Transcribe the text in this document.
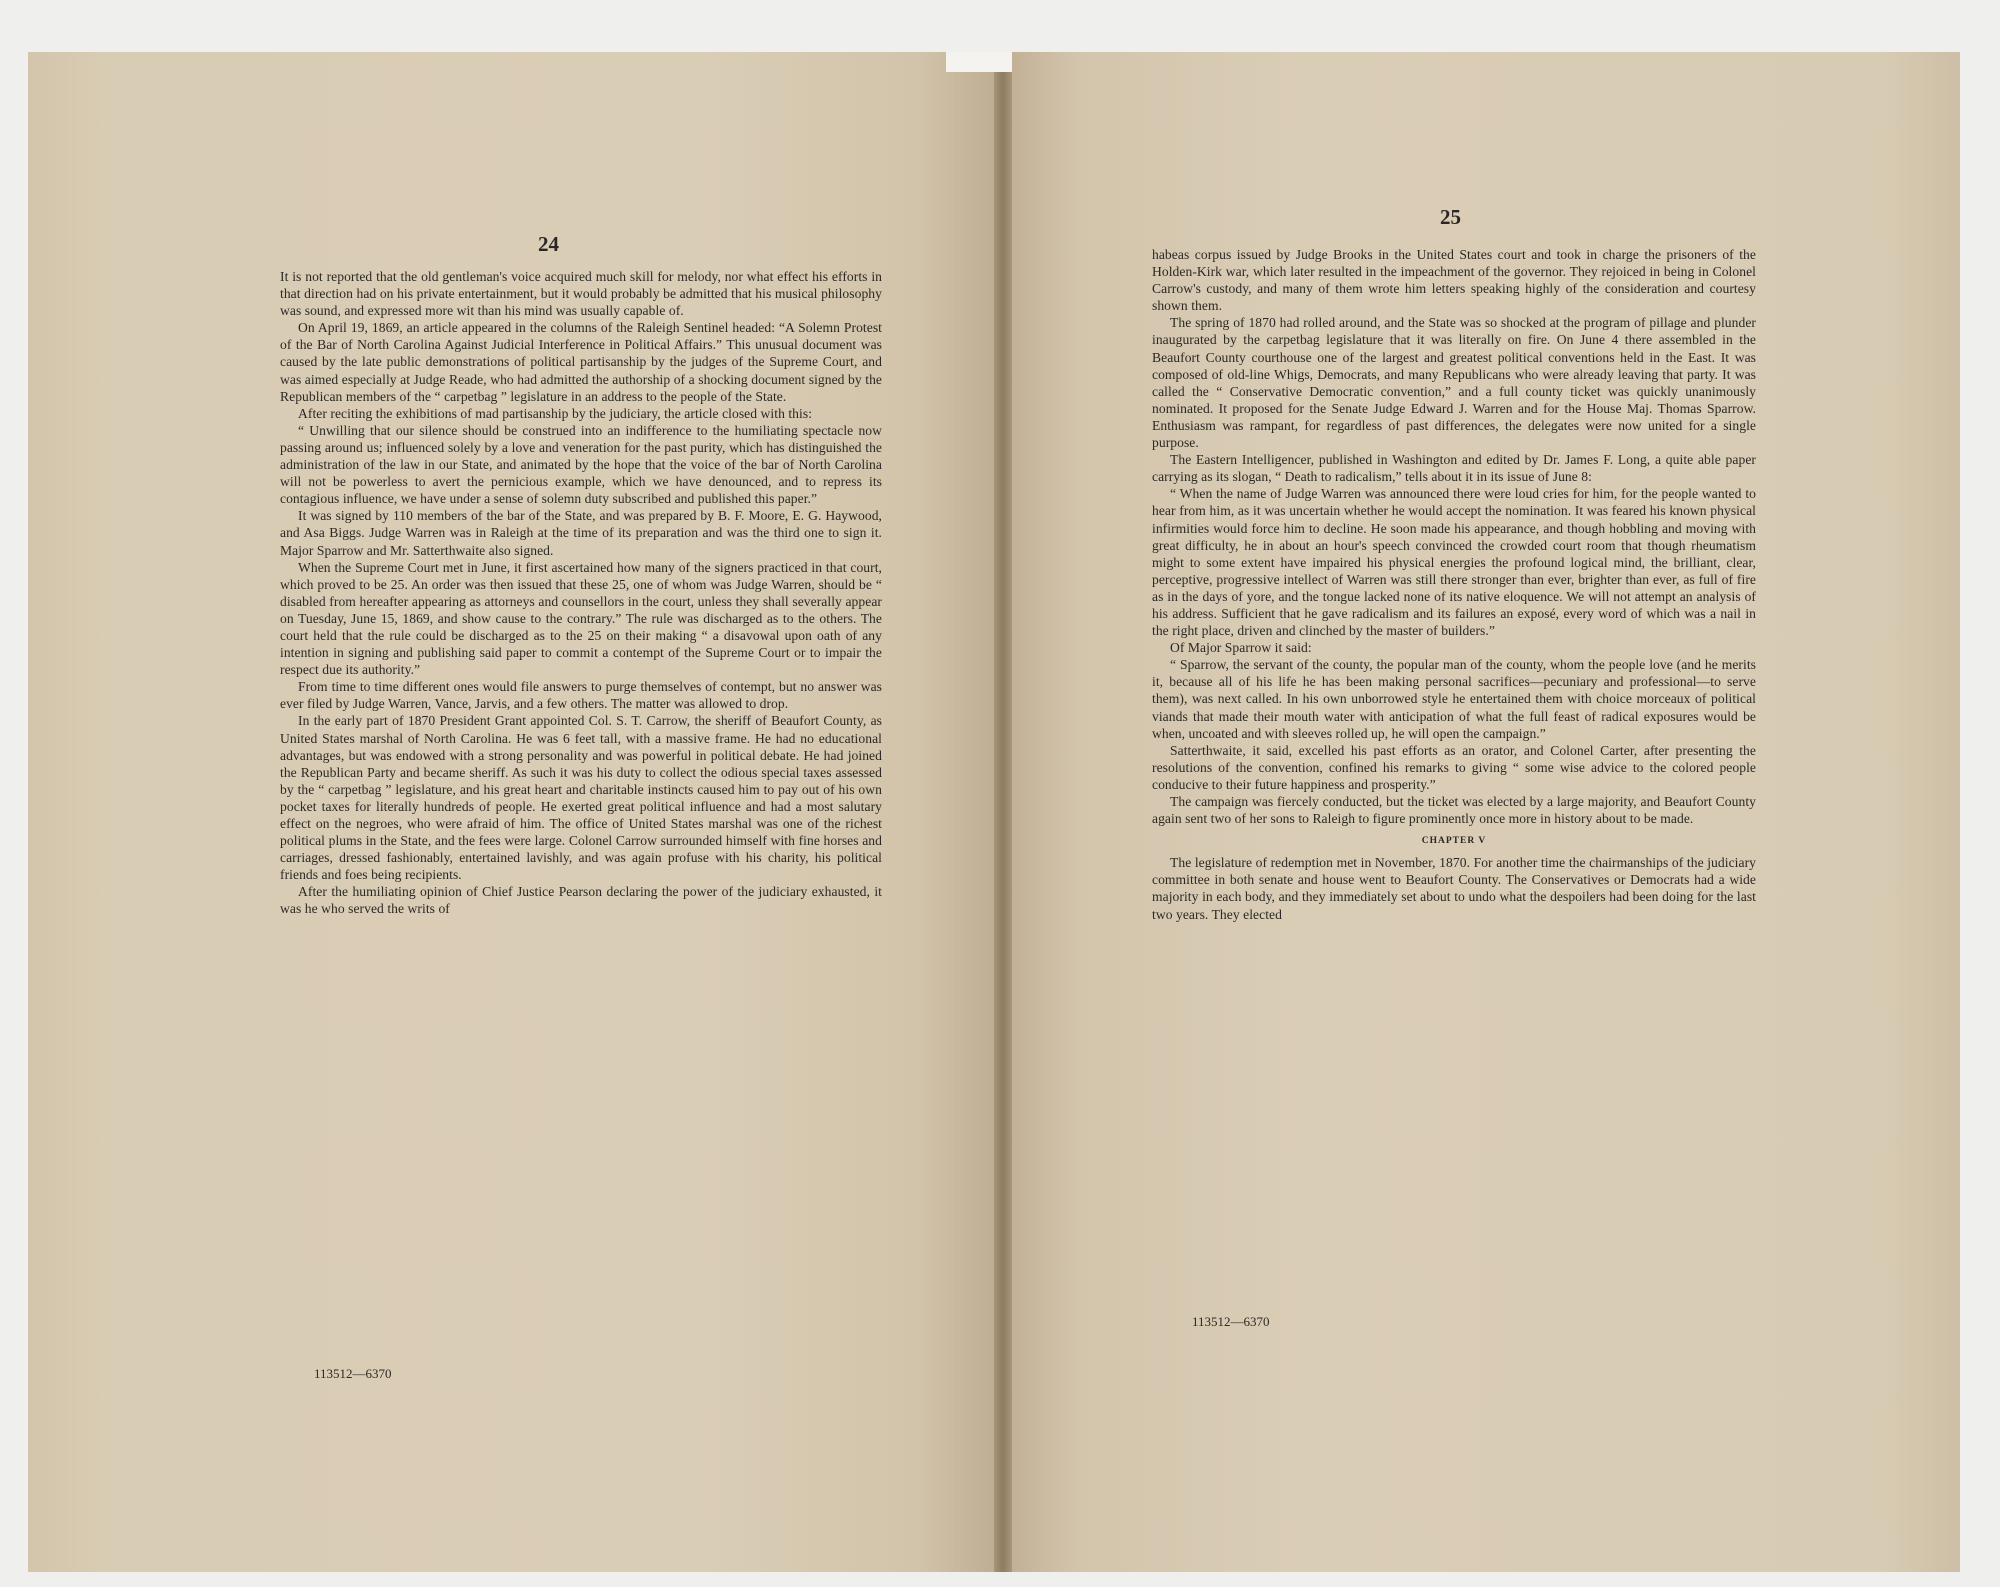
24

It is not reported that the old gentleman's voice acquired much skill for melody, nor what effect his efforts in that direction had on his private entertainment, but it would probably be admitted that his musical philosophy was sound, and expressed more wit than his mind was usually capable of.

On April 19, 1869, an article appeared in the columns of the Raleigh Sentinel headed: “A Solemn Protest of the Bar of North Carolina Against Judicial Interference in Political Affairs.” This unusual document was caused by the late public demonstrations of political partisanship by the judges of the Supreme Court, and was aimed especially at Judge Reade, who had admitted the authorship of a shocking document signed by the Republican members of the “ carpetbag ” legislature in an address to the people of the State.

After reciting the exhibitions of mad partisanship by the judiciary, the article closed with this:

“ Unwilling that our silence should be construed into an indifference to the humiliating spectacle now passing around us; influenced solely by a love and veneration for the past purity, which has distinguished the administration of the law in our State, and animated by the hope that the voice of the bar of North Carolina will not be powerless to avert the pernicious example, which we have denounced, and to repress its contagious influence, we have under a sense of solemn duty subscribed and published this paper.”

It was signed by 110 members of the bar of the State, and was prepared by B. F. Moore, E. G. Haywood, and Asa Biggs. Judge Warren was in Raleigh at the time of its preparation and was the third one to sign it. Major Sparrow and Mr. Satterthwaite also signed.

When the Supreme Court met in June, it first ascertained how many of the signers practiced in that court, which proved to be 25. An order was then issued that these 25, one of whom was Judge Warren, should be “ disabled from hereafter appearing as attorneys and counsellors in the court, unless they shall severally appear on Tuesday, June 15, 1869, and show cause to the contrary.” The rule was discharged as to the others. The court held that the rule could be discharged as to the 25 on their making “ a disavowal upon oath of any intention in signing and publishing said paper to commit a contempt of the Supreme Court or to impair the respect due its authority.”

From time to time different ones would file answers to purge themselves of contempt, but no answer was ever filed by Judge Warren, Vance, Jarvis, and a few others. The matter was allowed to drop.

In the early part of 1870 President Grant appointed Col. S. T. Carrow, the sheriff of Beaufort County, as United States marshal of North Carolina. He was 6 feet tall, with a massive frame. He had no educational advantages, but was endowed with a strong personality and was powerful in political debate. He had joined the Republican Party and became sheriff. As such it was his duty to collect the odious special taxes assessed by the “ carpetbag ” legislature, and his great heart and charitable instincts caused him to pay out of his own pocket taxes for literally hundreds of people. He exerted great political influence and had a most salutary effect on the negroes, who were afraid of him. The office of United States marshal was one of the richest political plums in the State, and the fees were large. Colonel Carrow surrounded himself with fine horses and carriages, dressed fashionably, entertained lavishly, and was again profuse with his charity, his political friends and foes being recipients.

After the humiliating opinion of Chief Justice Pearson declaring the power of the judiciary exhausted, it was he who served the writs of

113512—6370
25

habeas corpus issued by Judge Brooks in the United States court and took in charge the prisoners of the Holden-Kirk war, which later resulted in the impeachment of the governor. They rejoiced in being in Colonel Carrow's custody, and many of them wrote him letters speaking highly of the consideration and courtesy shown them.

The spring of 1870 had rolled around, and the State was so shocked at the program of pillage and plunder inaugurated by the carpetbag legislature that it was literally on fire. On June 4 there assembled in the Beaufort County courthouse one of the largest and greatest political conventions held in the East. It was composed of old-line Whigs, Democrats, and many Republicans who were already leaving that party. It was called the “ Conservative Democratic convention,” and a full county ticket was quickly unanimously nominated. It proposed for the Senate Judge Edward J. Warren and for the House Maj. Thomas Sparrow. Enthusiasm was rampant, for regardless of past differences, the delegates were now united for a single purpose.

The Eastern Intelligencer, published in Washington and edited by Dr. James F. Long, a quite able paper carrying as its slogan, “ Death to radicalism,” tells about it in its issue of June 8:

“ When the name of Judge Warren was announced there were loud cries for him, for the people wanted to hear from him, as it was uncertain whether he would accept the nomination. It was feared his known physical infirmities would force him to decline. He soon made his appearance, and though hobbling and moving with great difficulty, he in about an hour's speech convinced the crowded court room that though rheumatism might to some extent have impaired his physical energies the profound logical mind, the brilliant, clear, perceptive, progressive intellect of Warren was still there stronger than ever, brighter than ever, as full of fire as in the days of yore, and the tongue lacked none of its native eloquence. We will not attempt an analysis of his address. Sufficient that he gave radicalism and its failures an exposé, every word of which was a nail in the right place, driven and clinched by the master of builders.”

Of Major Sparrow it said:

“ Sparrow, the servant of the county, the popular man of the county, whom the people love (and he merits it, because all of his life he has been making personal sacrifices—pecuniary and professional—to serve them), was next called. In his own unborrowed style he entertained them with choice morceaux of political viands that made their mouth water with anticipation of what the full feast of radical exposures would be when, uncoated and with sleeves rolled up, he will open the campaign.”

Satterthwaite, it said, excelled his past efforts as an orator, and Colonel Carter, after presenting the resolutions of the convention, confined his remarks to giving “ some wise advice to the colored people conducive to their future happiness and prosperity.”

The campaign was fiercely conducted, but the ticket was elected by a large majority, and Beaufort County again sent two of her sons to Raleigh to figure prominently once more in history about to be made.

CHAPTER V

The legislature of redemption met in November, 1870. For another time the chairmanships of the judiciary committee in both senate and house went to Beaufort County. The Conservatives or Democrats had a wide majority in each body, and they immediately set about to undo what the despoilers had been doing for the last two years. They elected

113512—6370
